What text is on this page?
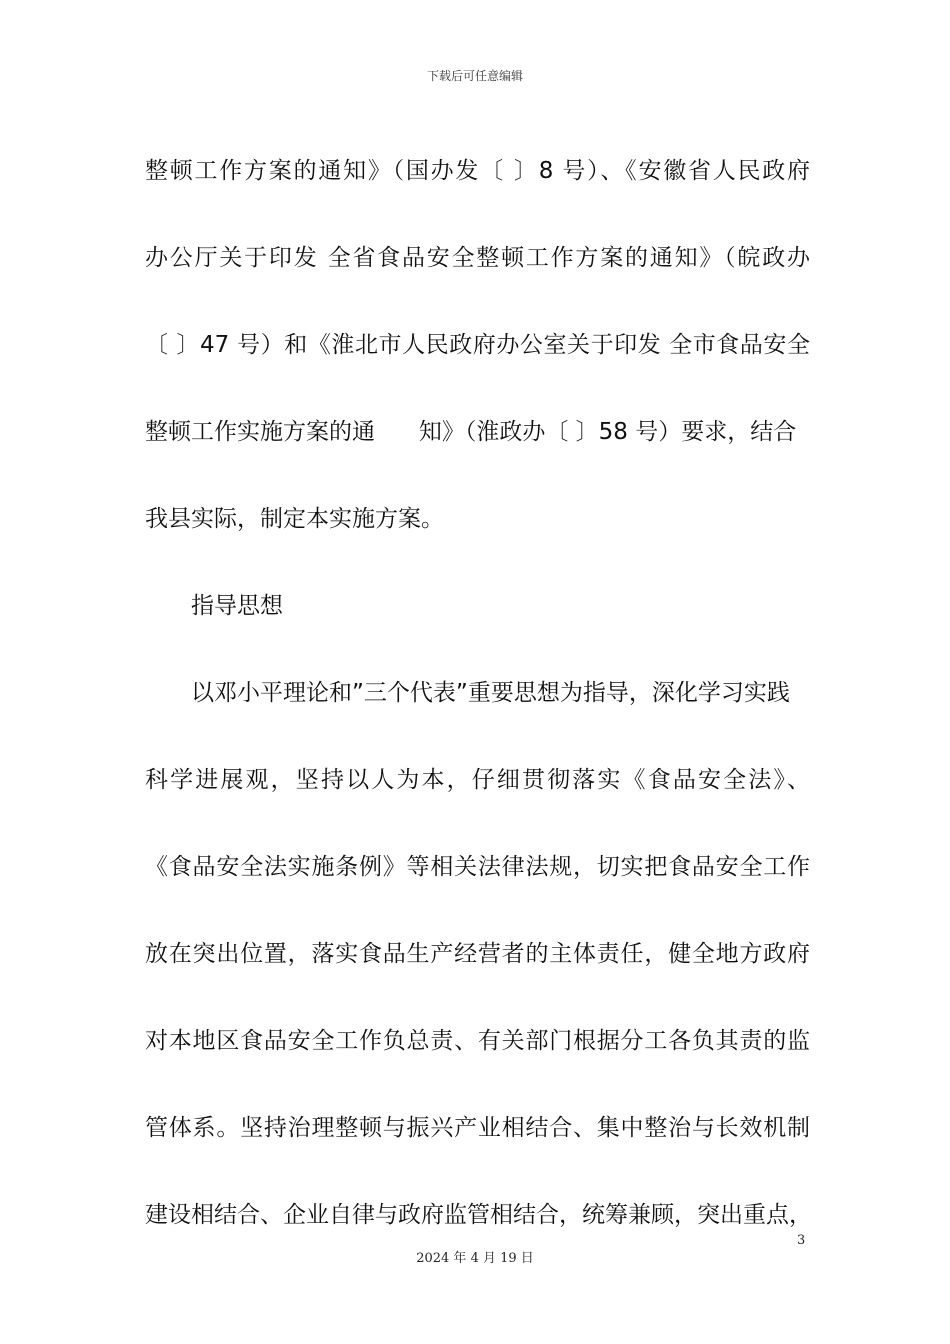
下载后可任意编辑
整顿工作方案的通知》（国办发〔 〕8 号）、《安徽省人民政府
办公厅关于印发 全省食品安全整顿工作方案的通知》（皖政办
〔 〕47 号）和《淮北市人民政府办公室关于印发 全市食品安全
整顿工作实施方案的通      知》（淮政办〔 〕58 号）要求，结合
我县实际，制定本实施方案。
指导思想
以邓小平理论和”三个代表”重要思想为指导，深化学习实践
科学进展观，坚持以人为本，仔细贯彻落实《食品安全法》、
《食品安全法实施条例》等相关法律法规，切实把食品安全工作
放在突出位置，落实食品生产经营者的主体责任，健全地方政府
对本地区食品安全工作负总责、有关部门根据分工各负其责的监
管体系。坚持治理整顿与振兴产业相结合、集中整治与长效机制
建设相结合、企业自律与政府监管相结合，统筹兼顾，突出重点，
3
2024 年 4 月 19 日
